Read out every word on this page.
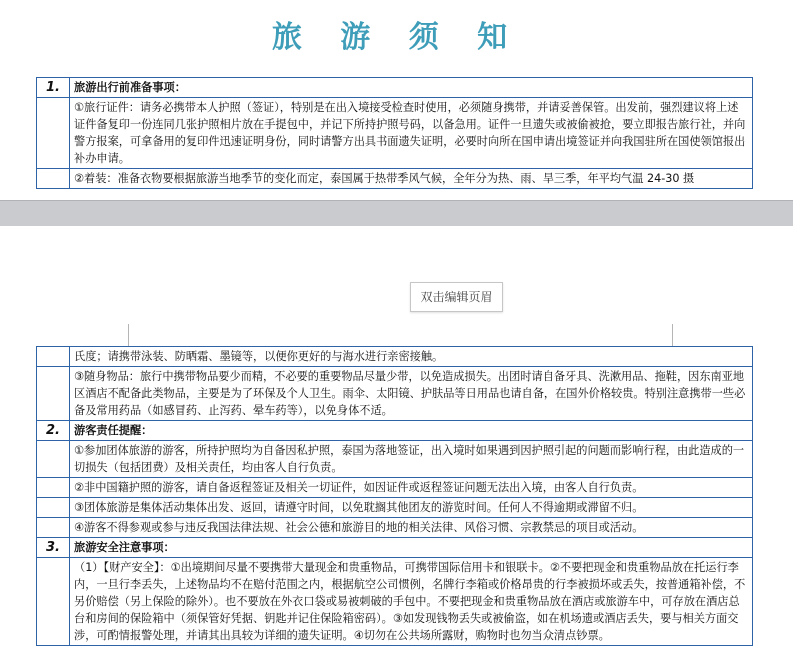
旅 游 须 知
1.	旅游出行前准备事项：
	①旅行证件：请务必携带本人护照（签证），特别是在出入境接受检查时使用，必须随身携带，并请妥善保管。出发前，强烈建议将上述证件备复印一份连同几张护照相片放在手提包中，并记下所持护照号码，以备急用。证件一旦遗失或被偷被抢，要立即报告旅行社，并向警方报案，可拿备用的复印件迅速证明身份，同时请警方出具书面遗失证明，必要时向所在国申请出境签证并向我国驻所在国使领馆报出补办申请。
	②着装：准备衣物要根据旅游当地季节的变化而定，泰国属于热带季风气候，全年分为热、雨、旱三季，年平均气温 24-30 摄
双击编辑页眉
	氏度；请携带泳装、防晒霜、墨镜等，以便你更好的与海水进行亲密接触。
	③随身物品：旅行中携带物品要少而精，不必要的重要物品尽量少带，以免造成损失。出团时请自备牙具、洗漱用品、拖鞋，因东南亚地区酒店不配备此类物品，主要是为了环保及个人卫生。雨伞、太阳镜、护肤品等日用品也请自备，在国外价格较贵。特别注意携带一些必备及常用药品（如感冒药、止泻药、晕车药等），以免身体不适。
2.	游客责任提醒：
	①参加团体旅游的游客，所持护照均为自备因私护照，泰国为落地签证，出入境时如果遇到因护照引起的问题而影响行程，由此造成的一切损失（包括团费）及相关责任，均由客人自行负责。
	②非中国籍护照的游客，请自备返程签证及相关一切证件，如因证件或返程签证问题无法出入境，由客人自行负责。
	③团体旅游是集体活动集体出发、返回，请遵守时间，以免耽搁其他团友的游览时间。任何人不得逾期或滞留不归。
	④游客不得参观或参与违反我国法律法规、社会公德和旅游目的地的相关法律、风俗习惯、宗教禁忌的项目或活动。
3.	旅游安全注意事项：
	（1）【财产安全】：①出境期间尽量不要携带大量现金和贵重物品，可携带国际信用卡和银联卡。②不要把现金和贵重物品放在托运行李内，一旦行李丢失，上述物品均不在赔付范围之内，根据航空公司惯例，名牌行李箱或价格昂贵的行李被损坏或丢失，按普通箱补偿，不另价赔偿（另上保险的除外）。也不要放在外衣口袋或易被刺破的手包中。不要把现金和贵重物品放在酒店或旅游车中，可存放在酒店总台和房间的保险箱中（须保管好凭据、钥匙并记住保险箱密码）。③如发现钱物丢失或被偷盗，如在机场遗或酒店丢失，要与相关方面交涉，可酌情报警处理，并请其出具较为详细的遗失证明。④切勿在公共场所露财，购物时也勿当众清点钞票。
